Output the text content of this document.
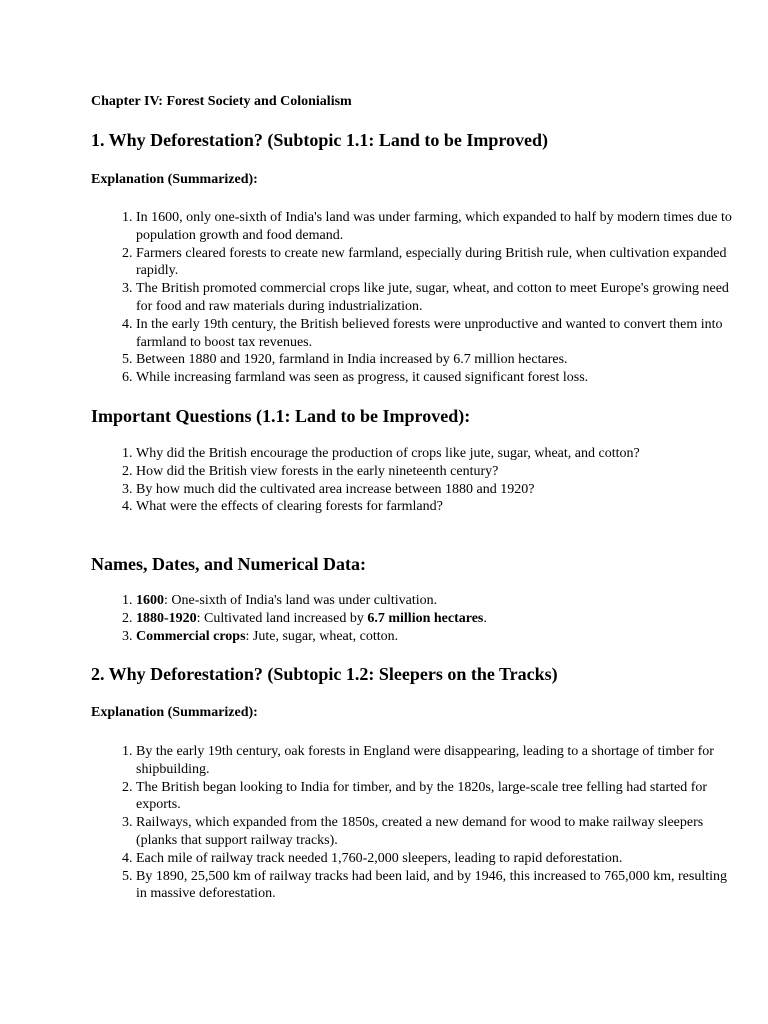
Chapter IV: Forest Society and Colonialism

1. Why Deforestation? (Subtopic 1.1: Land to be Improved)
Explanation (Summarized):
1. In 1600, only one-sixth of India's land was under farming, which expanded to half by modern times due to population growth and food demand.
2. Farmers cleared forests to create new farmland, especially during British rule, when cultivation expanded rapidly.
3. The British promoted commercial crops like jute, sugar, wheat, and cotton to meet Europe's growing need for food and raw materials during industrialization.
4. In the early 19th century, the British believed forests were unproductive and wanted to convert them into farmland to boost tax revenues.
5. Between 1880 and 1920, farmland in India increased by 6.7 million hectares.
6. While increasing farmland was seen as progress, it caused significant forest loss.
Important Questions (1.1: Land to be Improved):
1. Why did the British encourage the production of crops like jute, sugar, wheat, and cotton?
2. How did the British view forests in the early nineteenth century?
3. By how much did the cultivated area increase between 1880 and 1920?
4. What were the effects of clearing forests for farmland?
Names, Dates, and Numerical Data:
1. 1600: One-sixth of India's land was under cultivation.
2. 1880-1920: Cultivated land increased by 6.7 million hectares.
3. Commercial crops: Jute, sugar, wheat, cotton.
2. Why Deforestation? (Subtopic 1.2: Sleepers on the Tracks)
Explanation (Summarized):
1. By the early 19th century, oak forests in England were disappearing, leading to a shortage of timber for shipbuilding.
2. The British began looking to India for timber, and by the 1820s, large-scale tree felling had started for exports.
3. Railways, which expanded from the 1850s, created a new demand for wood to make railway sleepers (planks that support railway tracks).
4. Each mile of railway track needed 1,760-2,000 sleepers, leading to rapid deforestation.
5. By 1890, 25,500 km of railway tracks had been laid, and by 1946, this increased to 765,000 km, resulting in massive deforestation.
